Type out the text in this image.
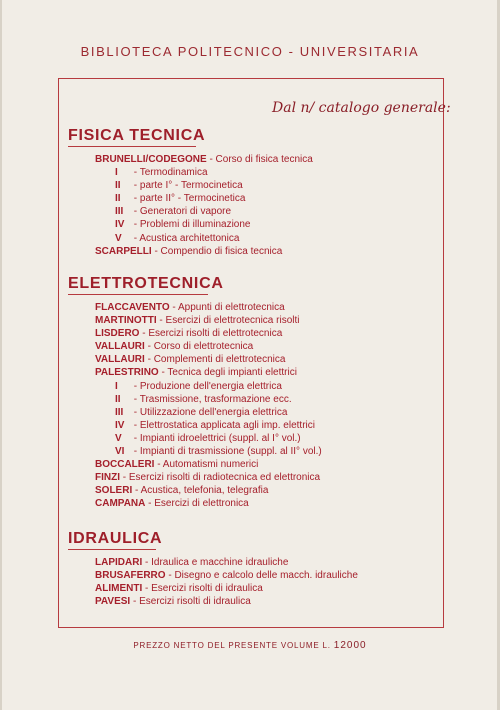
BIBLIOTECA POLITECNICO - UNIVERSITARIA
Dal n/ catalogo generale:
FISICA TECNICA
BRUNELLI/CODEGONE - Corso di fisica tecnica
I - Termodinamica
II - parte I° - Termocinetica
II - parte II° - Termocinetica
III - Generatori di vapore
IV - Problemi di illuminazione
V - Acustica architettonica
SCARPELLI - Compendio di fisica tecnica
ELETTROTECNICA
FLACCAVENTO - Appunti di elettrotecnica
MARTINOTTI - Esercizi di elettrotecnica risolti
LISDERO - Esercizi risolti di elettrotecnica
VALLAURI - Corso di elettrotecnica
VALLAURI - Complementi di elettrotecnica
PALESTRINO - Tecnica degli impianti elettrici
I - Produzione dell'energia elettrica
II - Trasmissione, trasformazione ecc.
III - Utilizzazione dell'energia elettrica
IV - Elettrostatica applicata agli imp. elettrici
V - Impianti idroelettrici (suppl. al I° vol.)
VI - Impianti di trasmissione (suppl. al II° vol.)
BOCCALERI - Automatismi numerici
FINZI - Esercizi risolti di radiotecnica ed elettronica
SOLERI - Acustica, telefonia, telegrafia
CAMPANA - Esercizi di elettronica
IDRAULICA
LAPIDARI - Idraulica e macchine idrauliche
BRUSAFERRO - Disegno e calcolo delle macch. idrauliche
ALIMENTI - Esercizi risolti di idraulica
PAVESI - Esercizi risolti di idraulica
PREZZO NETTO DEL PRESENTE VOLUME L. 12000
